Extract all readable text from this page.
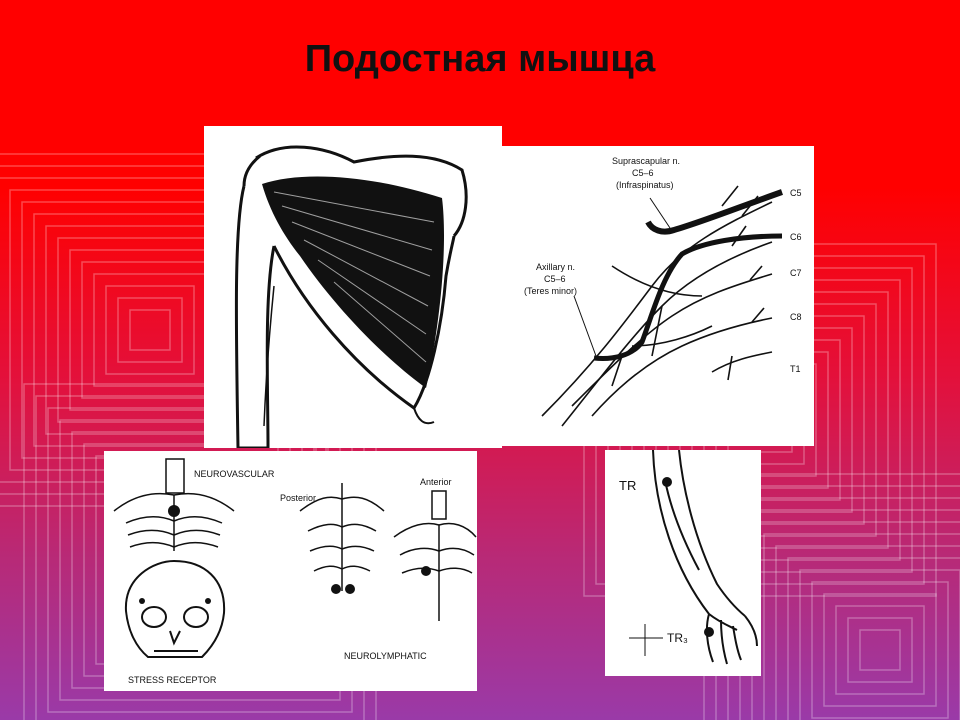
Подостная мышца
Suprascapular n.
C5–6
(Infraspinatus)
Axillary n.
C5–6
(Teres minor)
C5
C6
C7
C8
T1
NEUROVASCULAR
Posterior
Anterior
NEUROLYMPHATIC
STRESS RECEPTOR
TR
TR₃
